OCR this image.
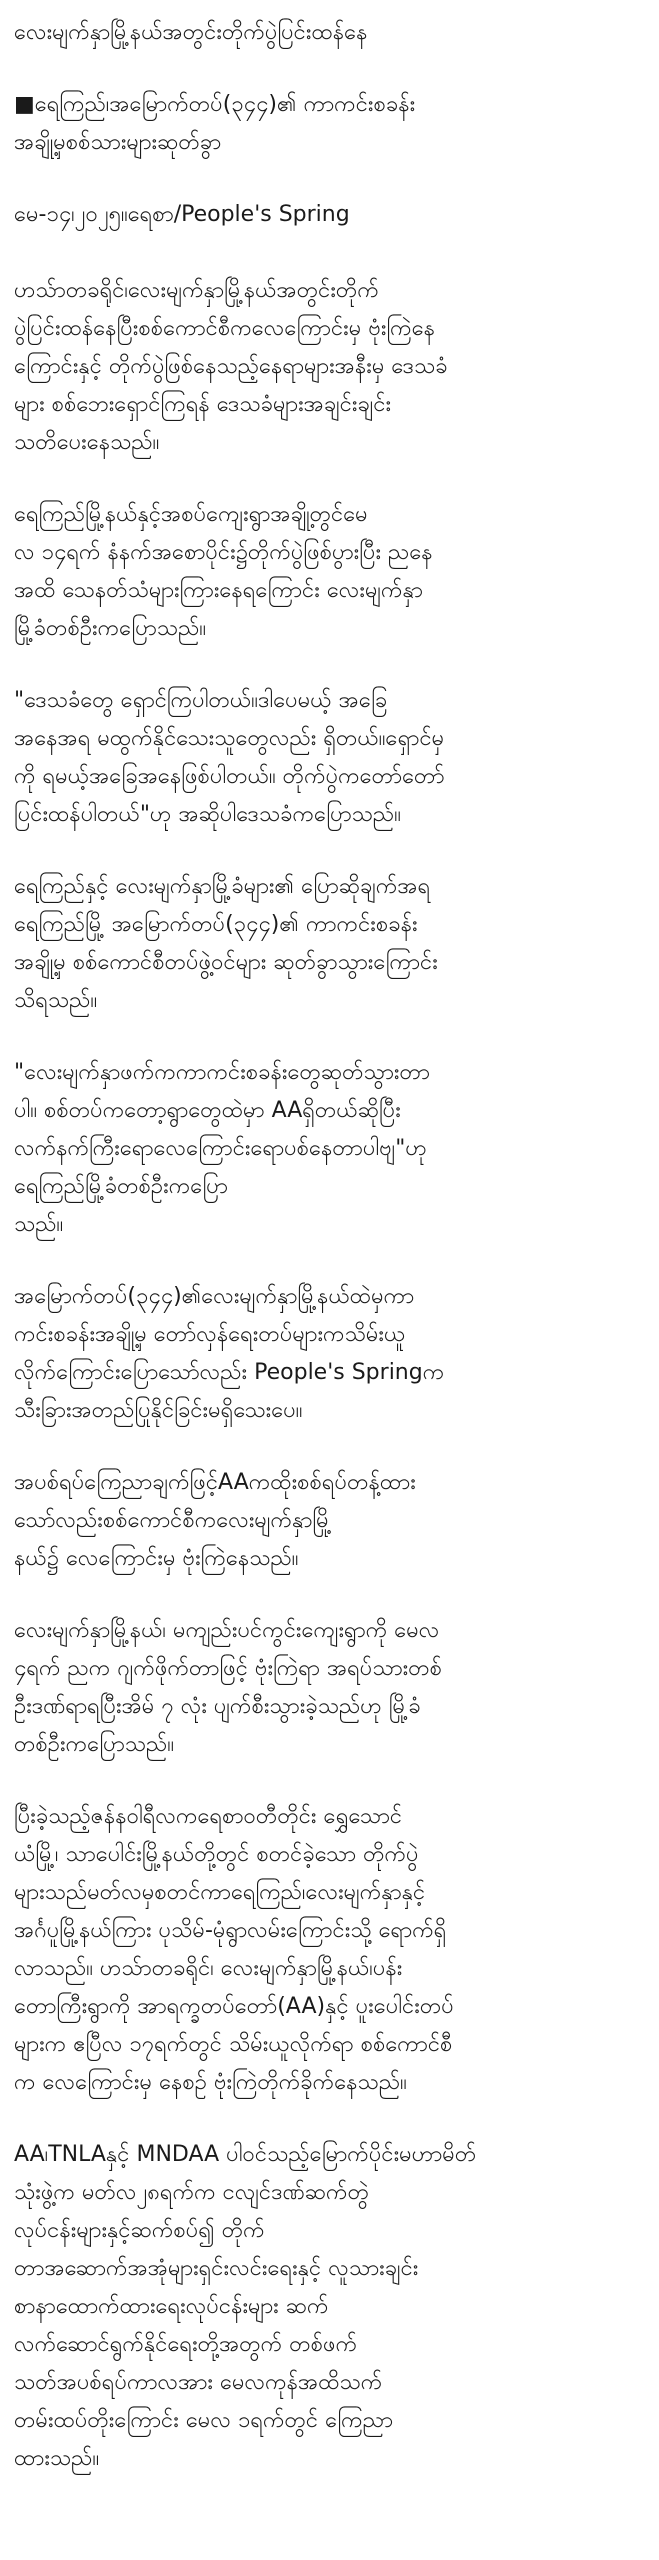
လေးမျက်နှာမြို့နယ်အတွင်းတိုက်ပွဲပြင်းထန်နေ

■ရေကြည်၊အမြောက်တပ်(၃၄၄)၏ ကာကင်းစခန်း
အချို့မှစစ်သားများဆုတ်ခွာ

မေ-၁၄၊၂၀၂၅။ရေစာ/People's Spring

ဟသ်ာတခရိုင်၊လေးမျက်နှာမြို့နယ်အတွင်းတိုက်
ပွဲပြင်းထန်နေပြီးစစ်ကောင်စီကလေကြောင်းမှ ဗုံးကြဲနေ
ကြောင်းနှင့် တိုက်ပွဲဖြစ်နေသည့်နေရာများအနီးမှ ဒေသခံ
များ စစ်ဘေးရှောင်ကြရန် ဒေသခံများအချင်းချင်း
သတိပေးနေသည်။

ရေကြည်မြို့နယ်နှင့်အစပ်ကျေးရွာအချို့တွင်မေ
လ ၁၄ရက် နံနက်အစောပိုင်း၌တိုက်ပွဲဖြစ်ပွားပြီး ညနေ
အထိ သေနတ်သံများကြားနေရကြောင်း လေးမျက်နှာ
မြို့ခံတစ်ဦးကပြောသည်။

"ဒေသခံတွေ ရှောင်ကြပါတယ်။ဒါပေမယ့် အခြေ
အနေအရ မထွက်နိုင်သေးသူတွေလည်း ရှိတယ်။ရှောင်မှ
ကို ရမယ့်အခြေအနေဖြစ်ပါတယ်။ တိုက်ပွဲကတော်တော်
ပြင်းထန်ပါတယ်"ဟု အဆိုပါဒေသခံကပြောသည်။

ရေကြည်နှင့် လေးမျက်နှာမြို့ခံများ၏ ပြောဆိုချက်အရ
ရေကြည်မြို့ အမြောက်တပ်(၃၄၄)၏ ကာကင်းစခန်း
အချို့မှ စစ်ကောင်စီတပ်ဖွဲ့ဝင်များ ဆုတ်ခွာသွားကြောင်း
သိရသည်။

"လေးမျက်နှာဖက်ကကာကင်းစခန်းတွေဆုတ်သွားတာ
ပါ။ စစ်တပ်ကတော့ရွာတွေထဲမှာ AAရှိတယ်ဆိုပြီး
လက်နက်ကြီးရောလေကြောင်းရောပစ်နေတာပါဗျ"ဟု
ရေကြည်မြို့ခံတစ်ဦးကပြော
သည်။

အမြောက်တပ်(၃၄၄)၏လေးမျက်နှာမြို့နယ်ထဲမှကာ
ကင်းစခန်းအချို့မှ တော်လှန်ရေးတပ်များကသိမ်းယူ
လိုက်ကြောင်းပြောသော်လည်း People's Springက
သီးခြားအတည်ပြုနိုင်ခြင်းမရှိသေးပေ။

အပစ်ရပ်ကြေညာချက်ဖြင့်AAကထိုးစစ်ရပ်တန့်ထား
သော်လည်းစစ်ကောင်စီကလေးမျက်နှာမြို့
နယ်၌ လေကြောင်းမှ ဗုံးကြဲနေသည်။

လေးမျက်နှာမြို့နယ်၊ မကျည်းပင်ကွင်းကျေးရွာကို မေလ
၄ရက် ညက ဂျက်ဖိုက်တာဖြင့် ဗုံးကြဲရာ အရပ်သားတစ်
ဦးဒဏ်ရာရပြီးအိမ် ၇ လုံး ပျက်စီးသွားခဲ့သည်ဟု မြို့ခံ
တစ်ဦးကပြောသည်။

ပြီးခဲ့သည့်ဇန်နဝါရီလကရေစာဝတီတိုင်း ရွှေသောင်
ယံမြို့၊ သာပေါင်းမြို့နယ်တို့တွင် စတင်ခဲ့သော တိုက်ပွဲ
များသည်မတ်လမှစတင်ကာရေကြည်၊လေးမျက်နှာနှင့်
အင်္ဂပူမြို့နယ်ကြား ပုသိမ်-မုံရွာလမ်းကြောင်းသို့ ရောက်ရှိ
လာသည်။ ဟသ်ာတခရိုင်၊ လေးမျက်နှာမြို့နယ်၊ပန်း
တောကြီးရွာကို အာရက္ခတပ်တော်(AA)နှင့် ပူးပေါင်းတပ်
များက ဧပြီလ ၁၇ရက်တွင် သိမ်းယူလိုက်ရာ စစ်ကောင်စီ
က လေကြောင်းမှ နေစဉ် ဗုံးကြဲတိုက်ခိုက်နေသည်။

AA၊TNLAနှင့် MNDAA ပါဝင်သည့်မြောက်ပိုင်းမဟာမိတ်
သုံးဖွဲ့က မတ်လ၂၈ရက်က ငလျင်ဒဏ်ဆက်တွဲ
လုပ်ငန်းများနှင့်ဆက်စပ်၍ တိုက်
တာအဆောက်အအုံများရှင်းလင်းရေးနှင့် လူသားချင်း
စာနာထောက်ထားရေးလုပ်ငန်းများ ဆက်
လက်ဆောင်ရွက်နိုင်ရေးတို့အတွက် တစ်ဖက်
သတ်အပစ်ရပ်ကာလအား မေလကုန်အထိသက်
တမ်းထပ်တိုးကြောင်း မေလ ၁ရက်တွင် ကြေညာ
ထားသည်။
